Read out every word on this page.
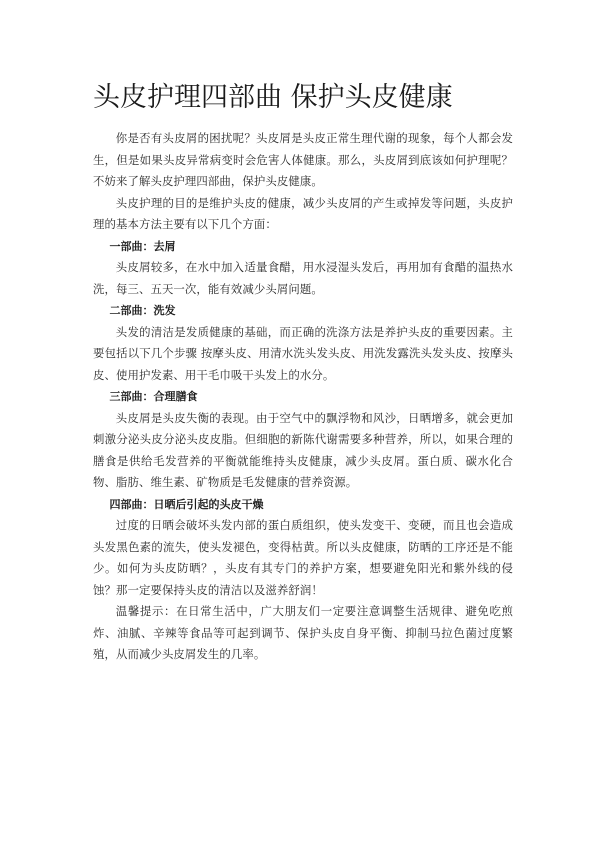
头皮护理四部曲 保护头皮健康

你是否有头皮屑的困扰呢？头皮屑是头皮正常生理代谢的现象，每个人都会发生，但是如果头皮异常病变时会危害人体健康。那么，头皮屑到底该如何护理呢？不妨来了解头皮护理四部曲，保护头皮健康。

头皮护理的目的是维护头皮的健康，减少头皮屑的产生或掉发等问题，头皮护理的基本方法主要有以下几个方面：

一部曲：去屑

头皮屑较多，在水中加入适量食醋，用水浸湿头发后，再用加有食醋的温热水洗，每三、五天一次，能有效减少头屑问题。

二部曲：洗发

头发的清洁是发质健康的基础，而正确的洗涤方法是养护头皮的重要因素。主要包括以下几个步骤 按摩头皮、用清水洗头发头皮、用洗发露洗头发头皮、按摩头皮、使用护发素、用干毛巾吸干头发上的水分。

三部曲：合理膳食

头皮屑是头皮失衡的表现。由于空气中的飘浮物和风沙，日晒增多，就会更加刺激分泌头皮分泌头皮皮脂。但细胞的新陈代谢需要多种营养，所以，如果合理的膳食是供给毛发营养的平衡就能维持头皮健康，减少头皮屑。蛋白质、碳水化合物、脂肪、维生素、矿物质是毛发健康的营养资源。

四部曲：日晒后引起的头皮干燥

过度的日晒会破坏头发内部的蛋白质组织，使头发变干、变硬，而且也会造成头发黑色素的流失，使头发褪色，变得枯黄。所以头皮健康，防晒的工序还是不能少。如何为头皮防晒？，头皮有其专门的养护方案，想要避免阳光和紫外线的侵蚀？那一定要保持头皮的清洁以及滋养舒润！

温馨提示：在日常生活中，广大朋友们一定要注意调整生活规律、避免吃煎炸、油腻、辛辣等食品等可起到调节、保护头皮自身平衡、抑制马拉色菌过度繁殖，从而减少头皮屑发生的几率。
